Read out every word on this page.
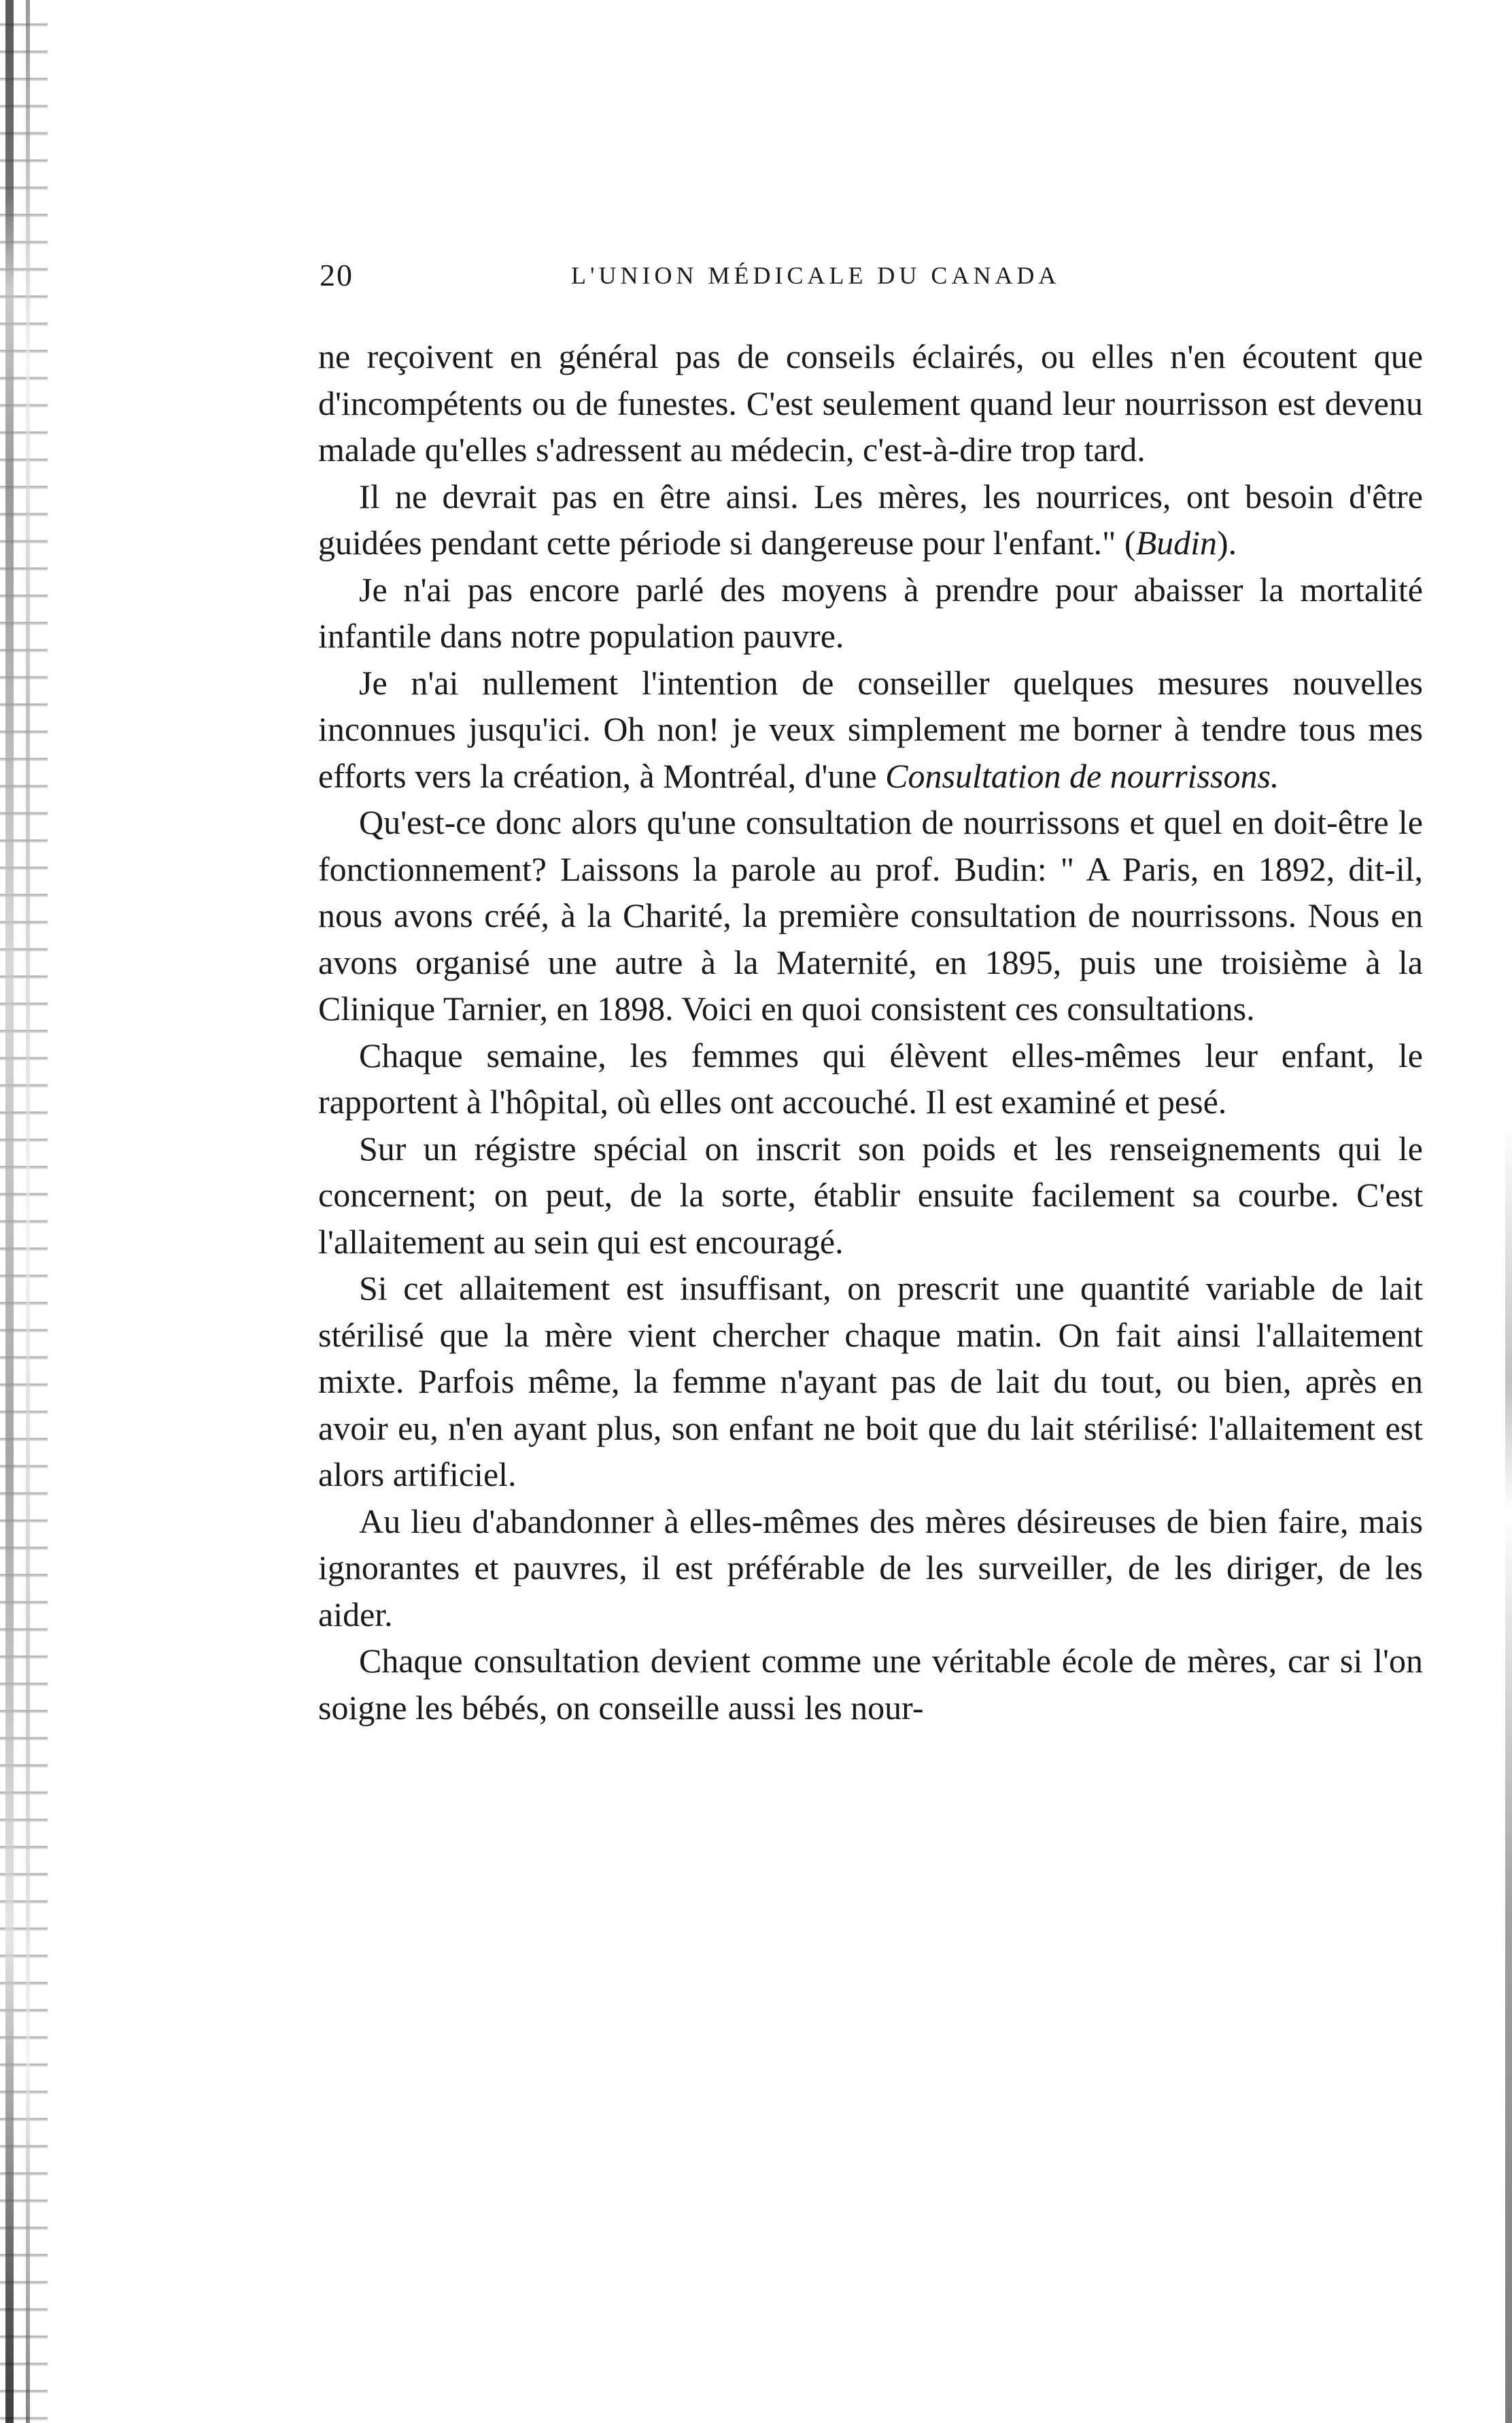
20	L'UNION MÉDICALE DU CANADA

ne reçoivent en général pas de conseils éclairés, ou elles n'en écoutent que d'incompétents ou de funestes. C'est seulement quand leur nourrisson est devenu malade qu'elles s'adressent au médecin, c'est-à-dire trop tard.

Il ne devrait pas en être ainsi. Les mères, les nourrices, ont besoin d'être guidées pendant cette période si dangereuse pour l'enfant." (Budin).

Je n'ai pas encore parlé des moyens à prendre pour abaisser la mortalité infantile dans notre population pauvre.

Je n'ai nullement l'intention de conseiller quelques mesures nouvelles inconnues jusqu'ici. Oh non! je veux simplement me borner à tendre tous mes efforts vers la création, à Montréal, d'une Consultation de nourrissons.

Qu'est-ce donc alors qu'une consultation de nourrissons et quel en doit-être le fonctionnement? Laissons la parole au prof. Budin: " A Paris, en 1892, dit-il, nous avons créé, à la Charité, la première consultation de nourrissons. Nous en avons organisé une autre à la Maternité, en 1895, puis une troisième à la Clinique Tarnier, en 1898. Voici en quoi consistent ces consultations.

Chaque semaine, les femmes qui élèvent elles-mêmes leur enfant, le rapportent à l'hôpital, où elles ont accouché. Il est examiné et pesé.

Sur un régistre spécial on inscrit son poids et les renseignements qui le concernent; on peut, de la sorte, établir ensuite facilement sa courbe. C'est l'allaitement au sein qui est encouragé.

Si cet allaitement est insuffisant, on prescrit une quantité variable de lait stérilisé que la mère vient chercher chaque matin. On fait ainsi l'allaitement mixte. Parfois même, la femme n'ayant pas de lait du tout, ou bien, après en avoir eu, n'en ayant plus, son enfant ne boit que du lait stérilisé: l'allaitement est alors artificiel.

Au lieu d'abandonner à elles-mêmes des mères désireuses de bien faire, mais ignorantes et pauvres, il est préférable de les surveiller, de les diriger, de les aider.

Chaque consultation devient comme une véritable école de mères, car si l'on soigne les bébés, on conseille aussi les nour-
